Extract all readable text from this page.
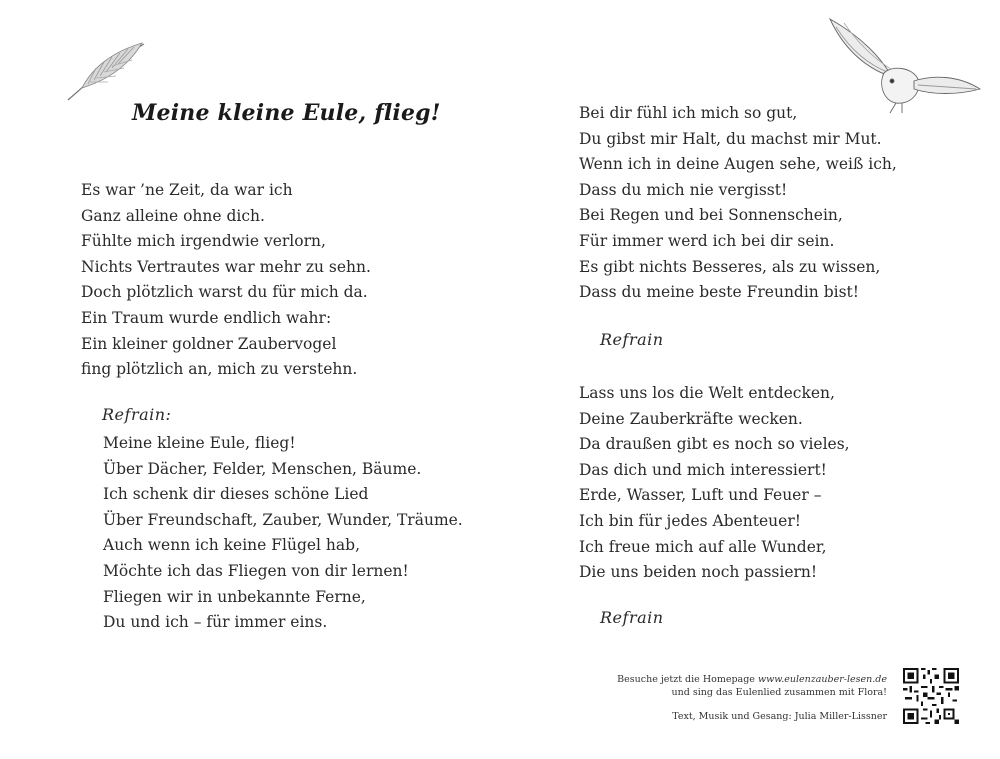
Meine kleine Eule, flieg!
Es war ’ne Zeit, da war ich
Ganz alleine ohne dich.
Fühlte mich irgendwie verlorn,
Nichts Vertrautes war mehr zu sehn.
Doch plötzlich warst du für mich da.
Ein Traum wurde endlich wahr:
Ein kleiner goldner Zaubervogel
fing plötzlich an, mich zu verstehn.
Refrain:
Meine kleine Eule, flieg!
Über Dächer, Felder, Menschen, Bäume.
Ich schenk dir dieses schöne Lied
Über Freundschaft, Zauber, Wunder, Träume.
Auch wenn ich keine Flügel hab,
Möchte ich das Fliegen von dir lernen!
Fliegen wir in unbekannte Ferne,
Du und ich – für immer eins.
Bei dir fühl ich mich so gut,
Du gibst mir Halt, du machst mir Mut.
Wenn ich in deine Augen sehe, weiß ich,
Dass du mich nie vergisst!
Bei Regen und bei Sonnenschein,
Für immer werd ich bei dir sein.
Es gibt nichts Besseres, als zu wissen,
Dass du meine beste Freundin bist!
Refrain
Lass uns los die Welt entdecken,
Deine Zauberkräfte wecken.
Da draußen gibt es noch so vieles,
Das dich und mich interessiert!
Erde, Wasser, Luft und Feuer –
Ich bin für jedes Abenteuer!
Ich freue mich auf alle Wunder,
Die uns beiden noch passiern!
Refrain
Besuche jetzt die Homepage www.eulenzauber-lesen.de
und sing das Eulenlied zusammen mit Flora!
Text, Musik und Gesang: Julia Miller-Lissner
